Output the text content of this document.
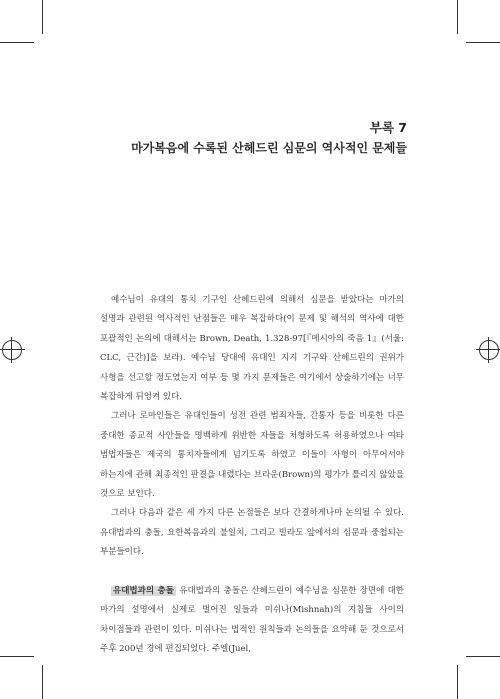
부록 7
마가복음에 수록된 산헤드린 심문의 역사적인 문제들

예수님이 유대의 통치 기구인 산헤드린에 의해서 심문을 받았다는 마가의 설명과 관련된 역사적인 난점들은 매우 복잡하다(이 문제 및 해석의 역사에 대한 포괄적인 논의에 대해서는 Brown, Death, 1.328-97[『메시아의 죽음 1』(서울: CLC, 근간)]을 보라). 예수님 당대에 유대인 지지 기구와 산헤드린의 권위가 사형을 선고할 정도였는지 여부 등 몇 가지 문제들은 여기에서 상술하기에는 너무 복잡하게 뒤엉켜 있다.

그러나 로마인들은 유대인들이 성전 관련 범죄자들, 간통자 등을 비롯한 다른 중대한 종교적 사안들을 명백하게 위반한 자들을 처형하도록 허용하였으나 여타 범법자들은 제국의 통치자들에게 넘기도록 하였고 이들이 사형이 아무어서야 하는지에 관해 최종적인 판결을 내렸다는 브라운(Brown)의 평가가 틀리지 않았을 것으로 보인다.

그러나 다음과 같은 세 가지 다른 논점들은 보다 간결하게나마 논의될 수 있다. 유대법과의 충돌, 요한복음과의 불일치, 그리고 빌라도 앞에서의 심문과 중첩되는 부분들이다.

유대법과의 충돌 유대법과의 충돌은 산헤드린이 예수님을 심문한 장면에 대한 마가의 설명에서 실제로 벌어진 일들과 미쉬나(Mishnah)의 지침들 사이의 차이점들과 관련이 있다. 미쉬나는 법적인 원칙들과 논의들을 요약해 둔 것으로서 주후 200년 경에 편집되었다. 주엘(Juel,
